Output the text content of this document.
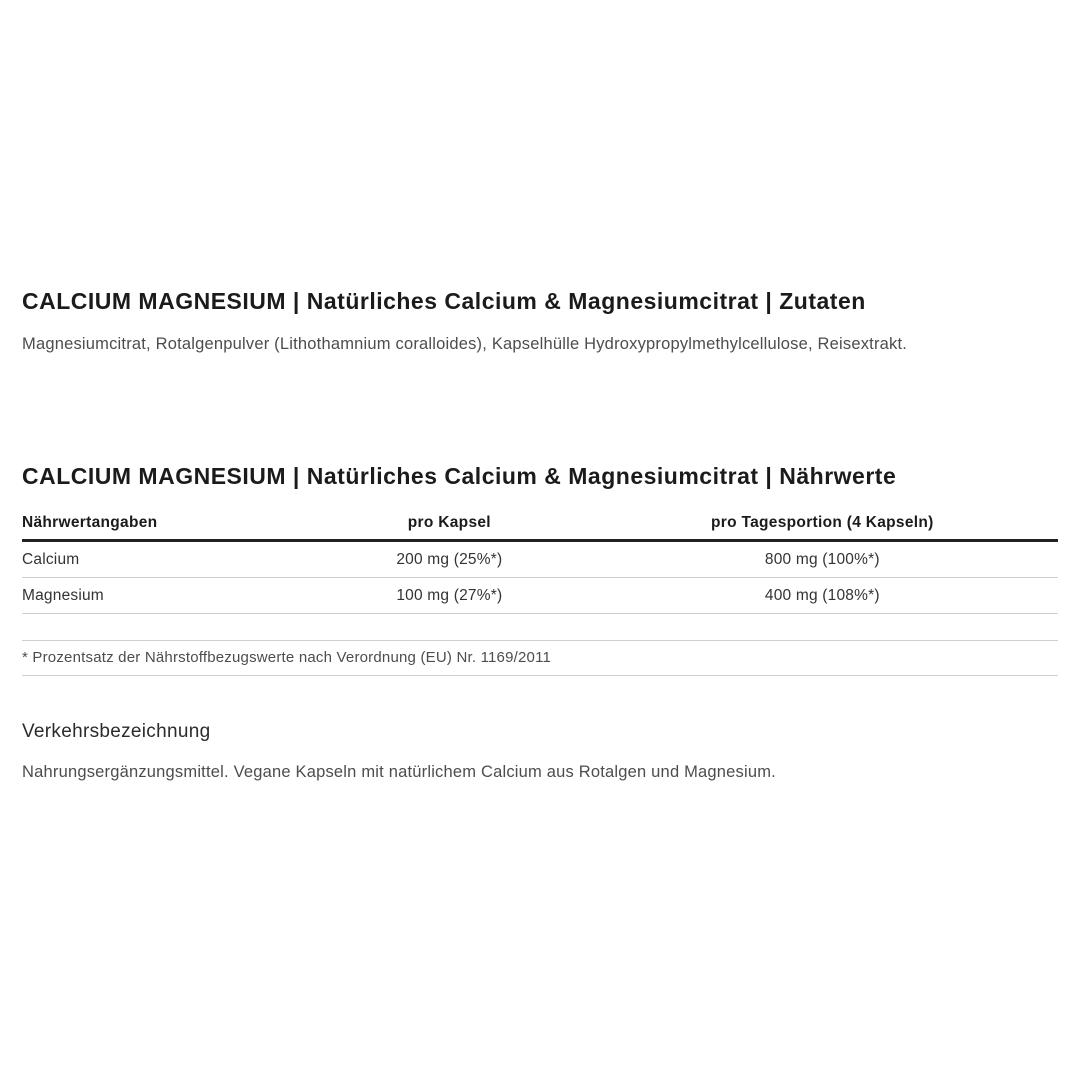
CALCIUM MAGNESIUM | Natürliches Calcium & Magnesiumcitrat | Zutaten
Magnesiumcitrat, Rotalgenpulver (Lithothamnium coralloides), Kapselhülle Hydroxypropylmethylcellulose, Reisextrakt.
CALCIUM MAGNESIUM | Natürliches Calcium & Magnesiumcitrat | Nährwerte
Nährwertangaben	pro Kapsel	pro Tagesportion (4 Kapseln)
Calcium	200 mg (25%*)	800 mg (100%*)
Magnesium	100 mg (27%*)	400 mg (108%*)
* Prozentsatz der Nährstoffbezugswerte nach Verordnung (EU) Nr. 1169/2011
Verkehrsbezeichnung
Nahrungsergänzungsmittel. Vegane Kapseln mit natürlichem Calcium aus Rotalgen und Magnesium.
